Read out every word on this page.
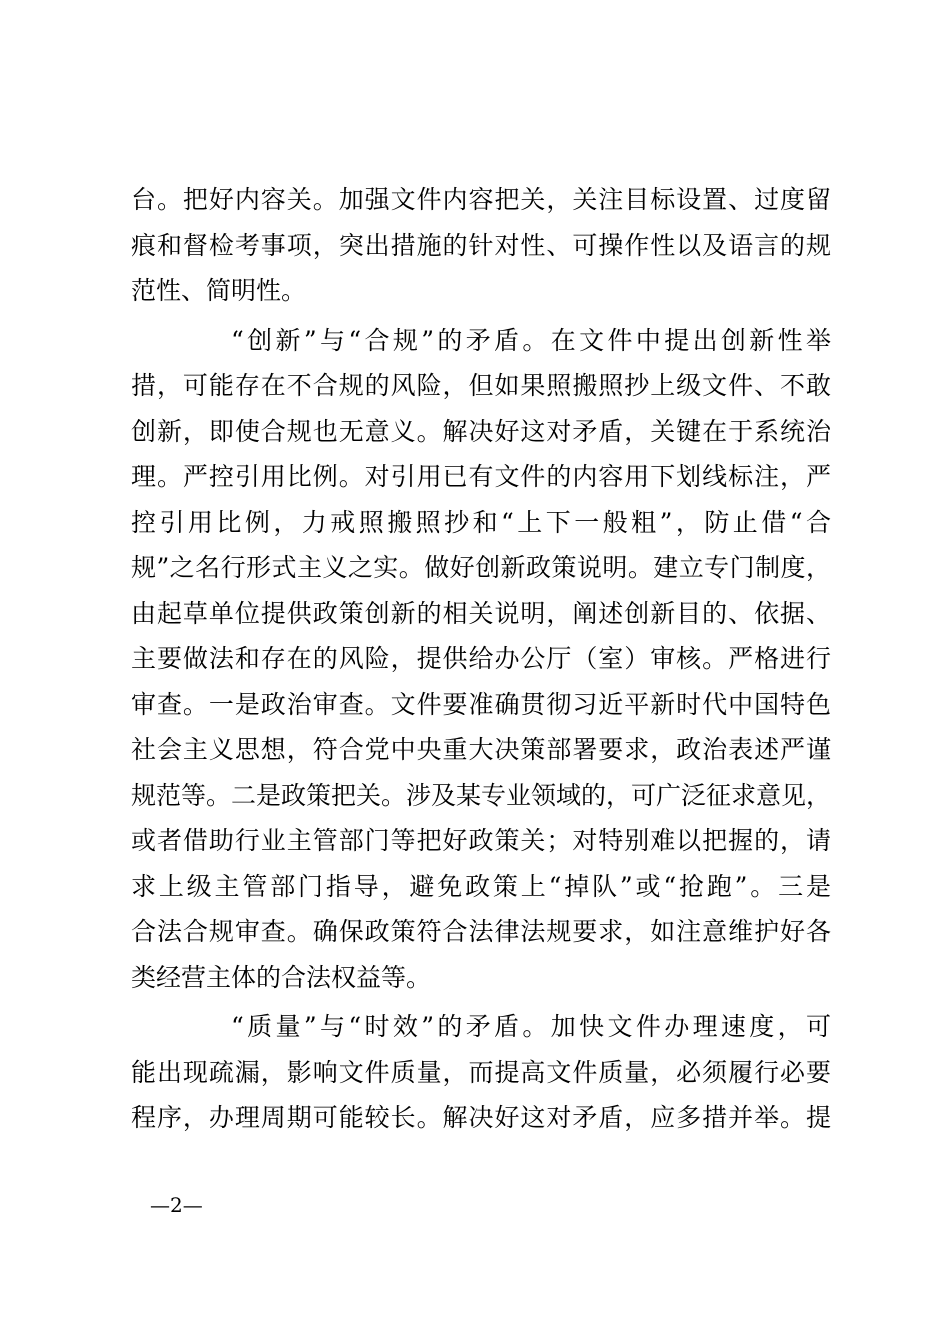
台。把好内容关。加强文件内容把关，关注目标设置、过度留
痕和督检考事项，突出措施的针对性、可操作性以及语言的规
范性、简明性。
“创新”与“合规”的矛盾。在文件中提出创新性举
措，可能存在不合规的风险，但如果照搬照抄上级文件、不敢
创新，即使合规也无意义。解决好这对矛盾，关键在于系统治
理。严控引用比例。对引用已有文件的内容用下划线标注，严
控引用比例，力戒照搬照抄和“上下一般粗”，防止借“合
规”之名行形式主义之实。做好创新政策说明。建立专门制度，
由起草单位提供政策创新的相关说明，阐述创新目的、依据、
主要做法和存在的风险，提供给办公厅（室）审核。严格进行
审查。一是政治审查。文件要准确贯彻习近平新时代中国特色
社会主义思想，符合党中央重大决策部署要求，政治表述严谨
规范等。二是政策把关。涉及某专业领域的，可广泛征求意见，
或者借助行业主管部门等把好政策关；对特别难以把握的，请
求上级主管部门指导，避免政策上“掉队”或“抢跑”。三是
合法合规审查。确保政策符合法律法规要求，如注意维护好各
类经营主体的合法权益等。
“质量”与“时效”的矛盾。加快文件办理速度，可
能出现疏漏，影响文件质量，而提高文件质量，必须履行必要
程序，办理周期可能较长。解决好这对矛盾，应多措并举。提
—2—
